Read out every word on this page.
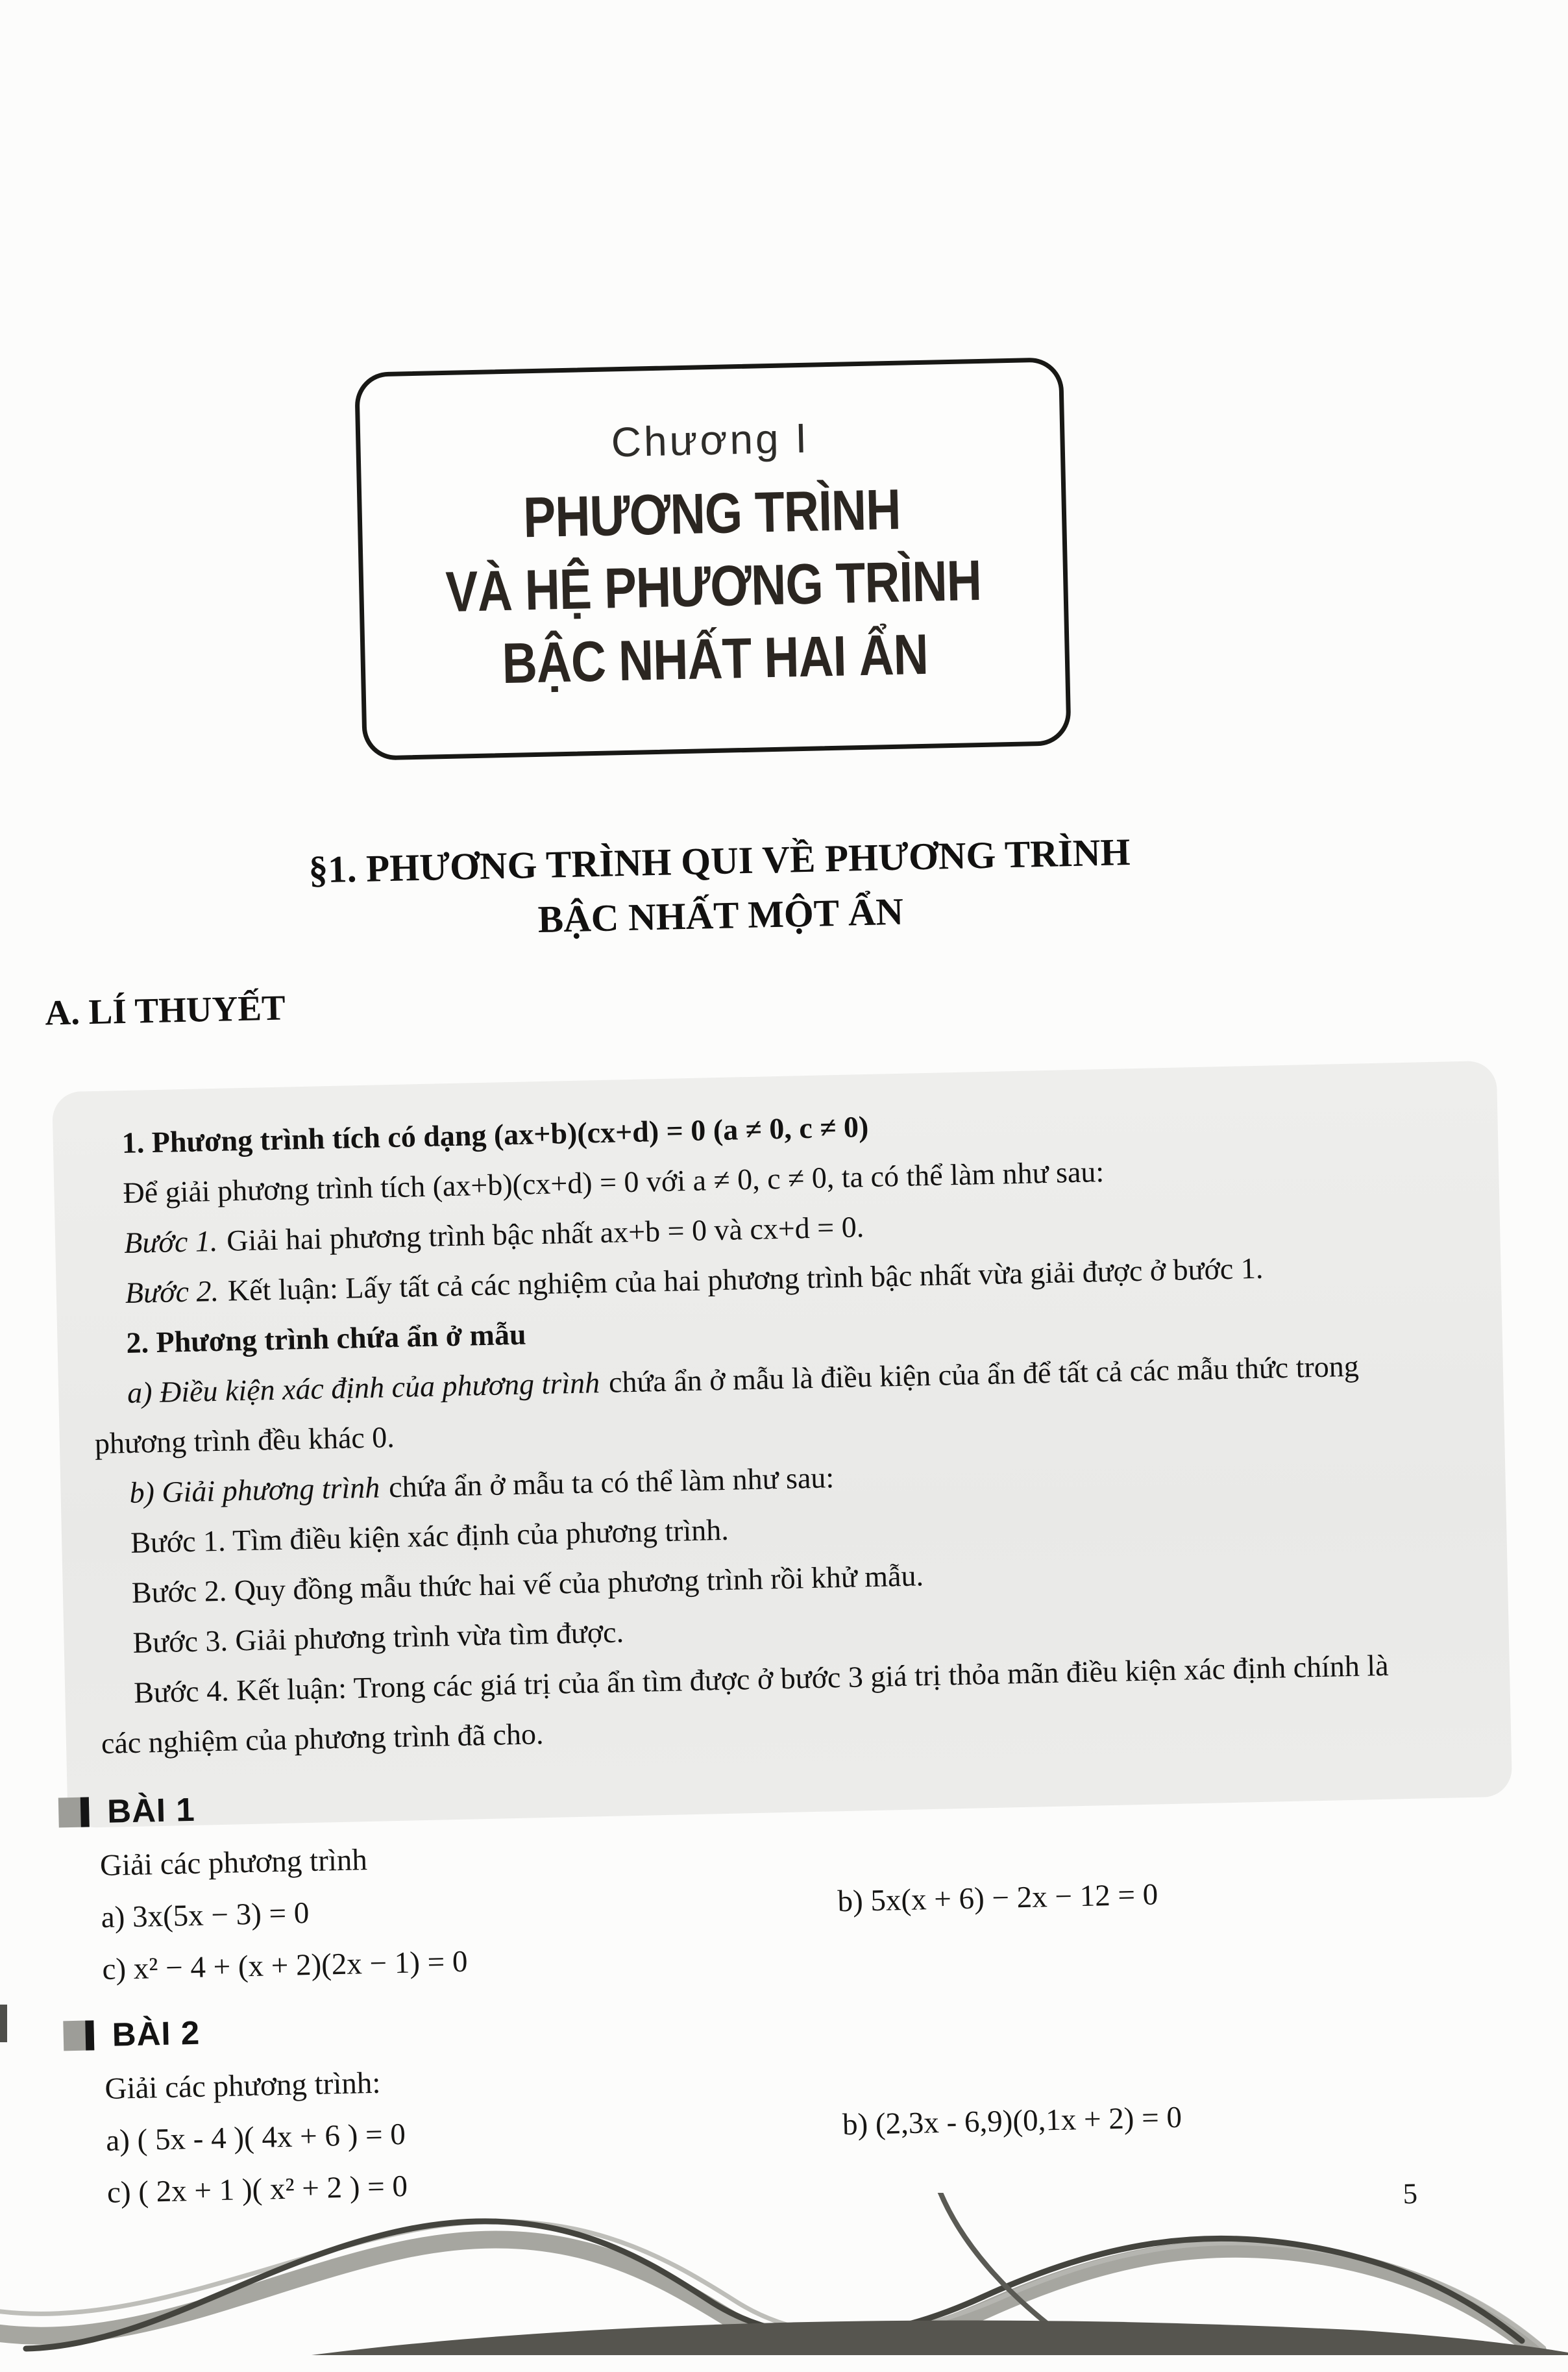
Chương I
PHƯƠNG TRÌNH
VÀ HỆ PHƯƠNG TRÌNH
BẬC NHẤT HAI ẨN
§1. PHƯƠNG TRÌNH QUI VỀ PHƯƠNG TRÌNH
BẬC NHẤT MỘT ẨN
A. LÍ THUYẾT

1. Phương trình tích có dạng (ax+b)(cx+d) = 0 (a ≠ 0, c ≠ 0)

Để giải phương trình tích (ax+b)(cx+d) = 0 với a ≠ 0, c ≠ 0, ta có thể làm như sau:

Bước 1. Giải hai phương trình bậc nhất ax+b = 0 và cx+d = 0.

Bước 2. Kết luận: Lấy tất cả các nghiệm của hai phương trình bậc nhất vừa giải được ở bước 1.

2. Phương trình chứa ẩn ở mẫu

a) Điều kiện xác định của phương trình chứa ẩn ở mẫu là điều kiện của ẩn để tất cả các mẫu thức trong phương trình đều khác 0.

b) Giải phương trình chứa ẩn ở mẫu ta có thể làm như sau:

Bước 1. Tìm điều kiện xác định của phương trình.

Bước 2. Quy đồng mẫu thức hai vế của phương trình rồi khử mẫu.

Bước 3. Giải phương trình vừa tìm được.

Bước 4. Kết luận: Trong các giá trị của ẩn tìm được ở bước 3 giá trị thỏa mãn điều kiện xác định chính là các nghiệm của phương trình đã cho.

BÀI 1
Giải các phương trình
a) 3x(5x − 3) = 0	b) 5x(x + 6) − 2x − 12 = 0
c) x² − 4 + (x + 2)(2x − 1) = 0
BÀI 2
Giải các phương trình:
a) ( 5x - 4 )( 4x + 6 ) = 0	b) (2,3x - 6,9)(0,1x + 2) = 0
c) ( 2x + 1 )( x² + 2 ) = 0	5
